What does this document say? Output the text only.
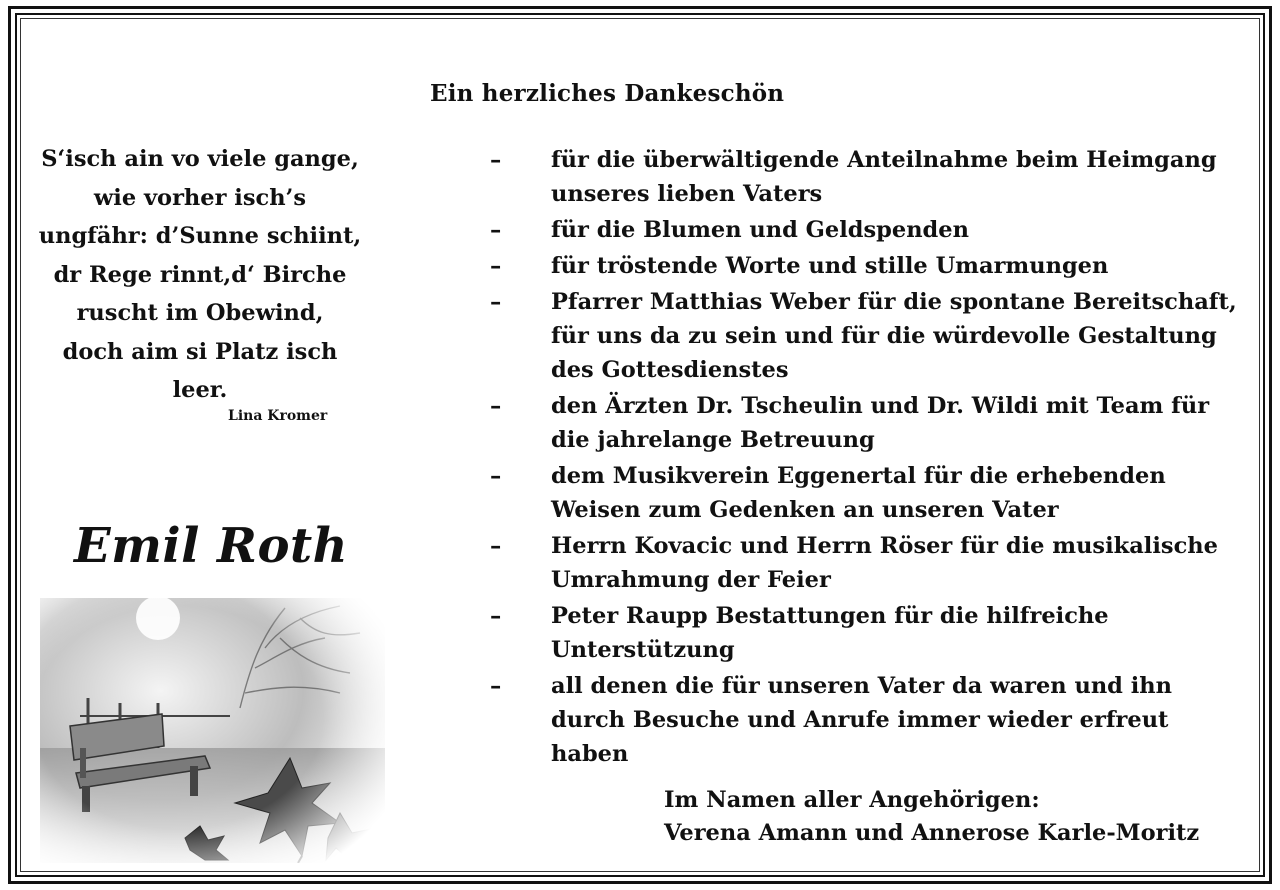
Ein herzliches Dankeschön
S‘isch ain vo viele gange,
wie vorher isch’s
ungfähr: d’Sunne schiint,
dr Rege rinnt,d‘ Birche
ruscht im Obewind,
doch aim si Platz isch
leer.
Lina Kromer
Emil Roth
– für die überwältigende Anteilnahme beim Heimgang
unseres lieben Vaters
– für die Blumen und Geldspenden
– für tröstende Worte und stille Umarmungen
– Pfarrer Matthias Weber für die spontane Bereitschaft,
für uns da zu sein und für die würdevolle Gestaltung
des Gottesdienstes
– den Ärzten Dr. Tscheulin und Dr. Wildi mit Team für
die jahrelange Betreuung
– dem Musikverein Eggenertal für die erhebenden
Weisen zum Gedenken an unseren Vater
– Herrn Kovacic und Herrn Röser für die musikalische
Umrahmung der Feier
– Peter Raupp Bestattungen für die hilfreiche
Unterstützung
– all denen die für unseren Vater da waren und ihn
durch Besuche und Anrufe immer wieder erfreut
haben
Im Namen aller Angehörigen:
Verena Amann und Annerose Karle-Moritz
